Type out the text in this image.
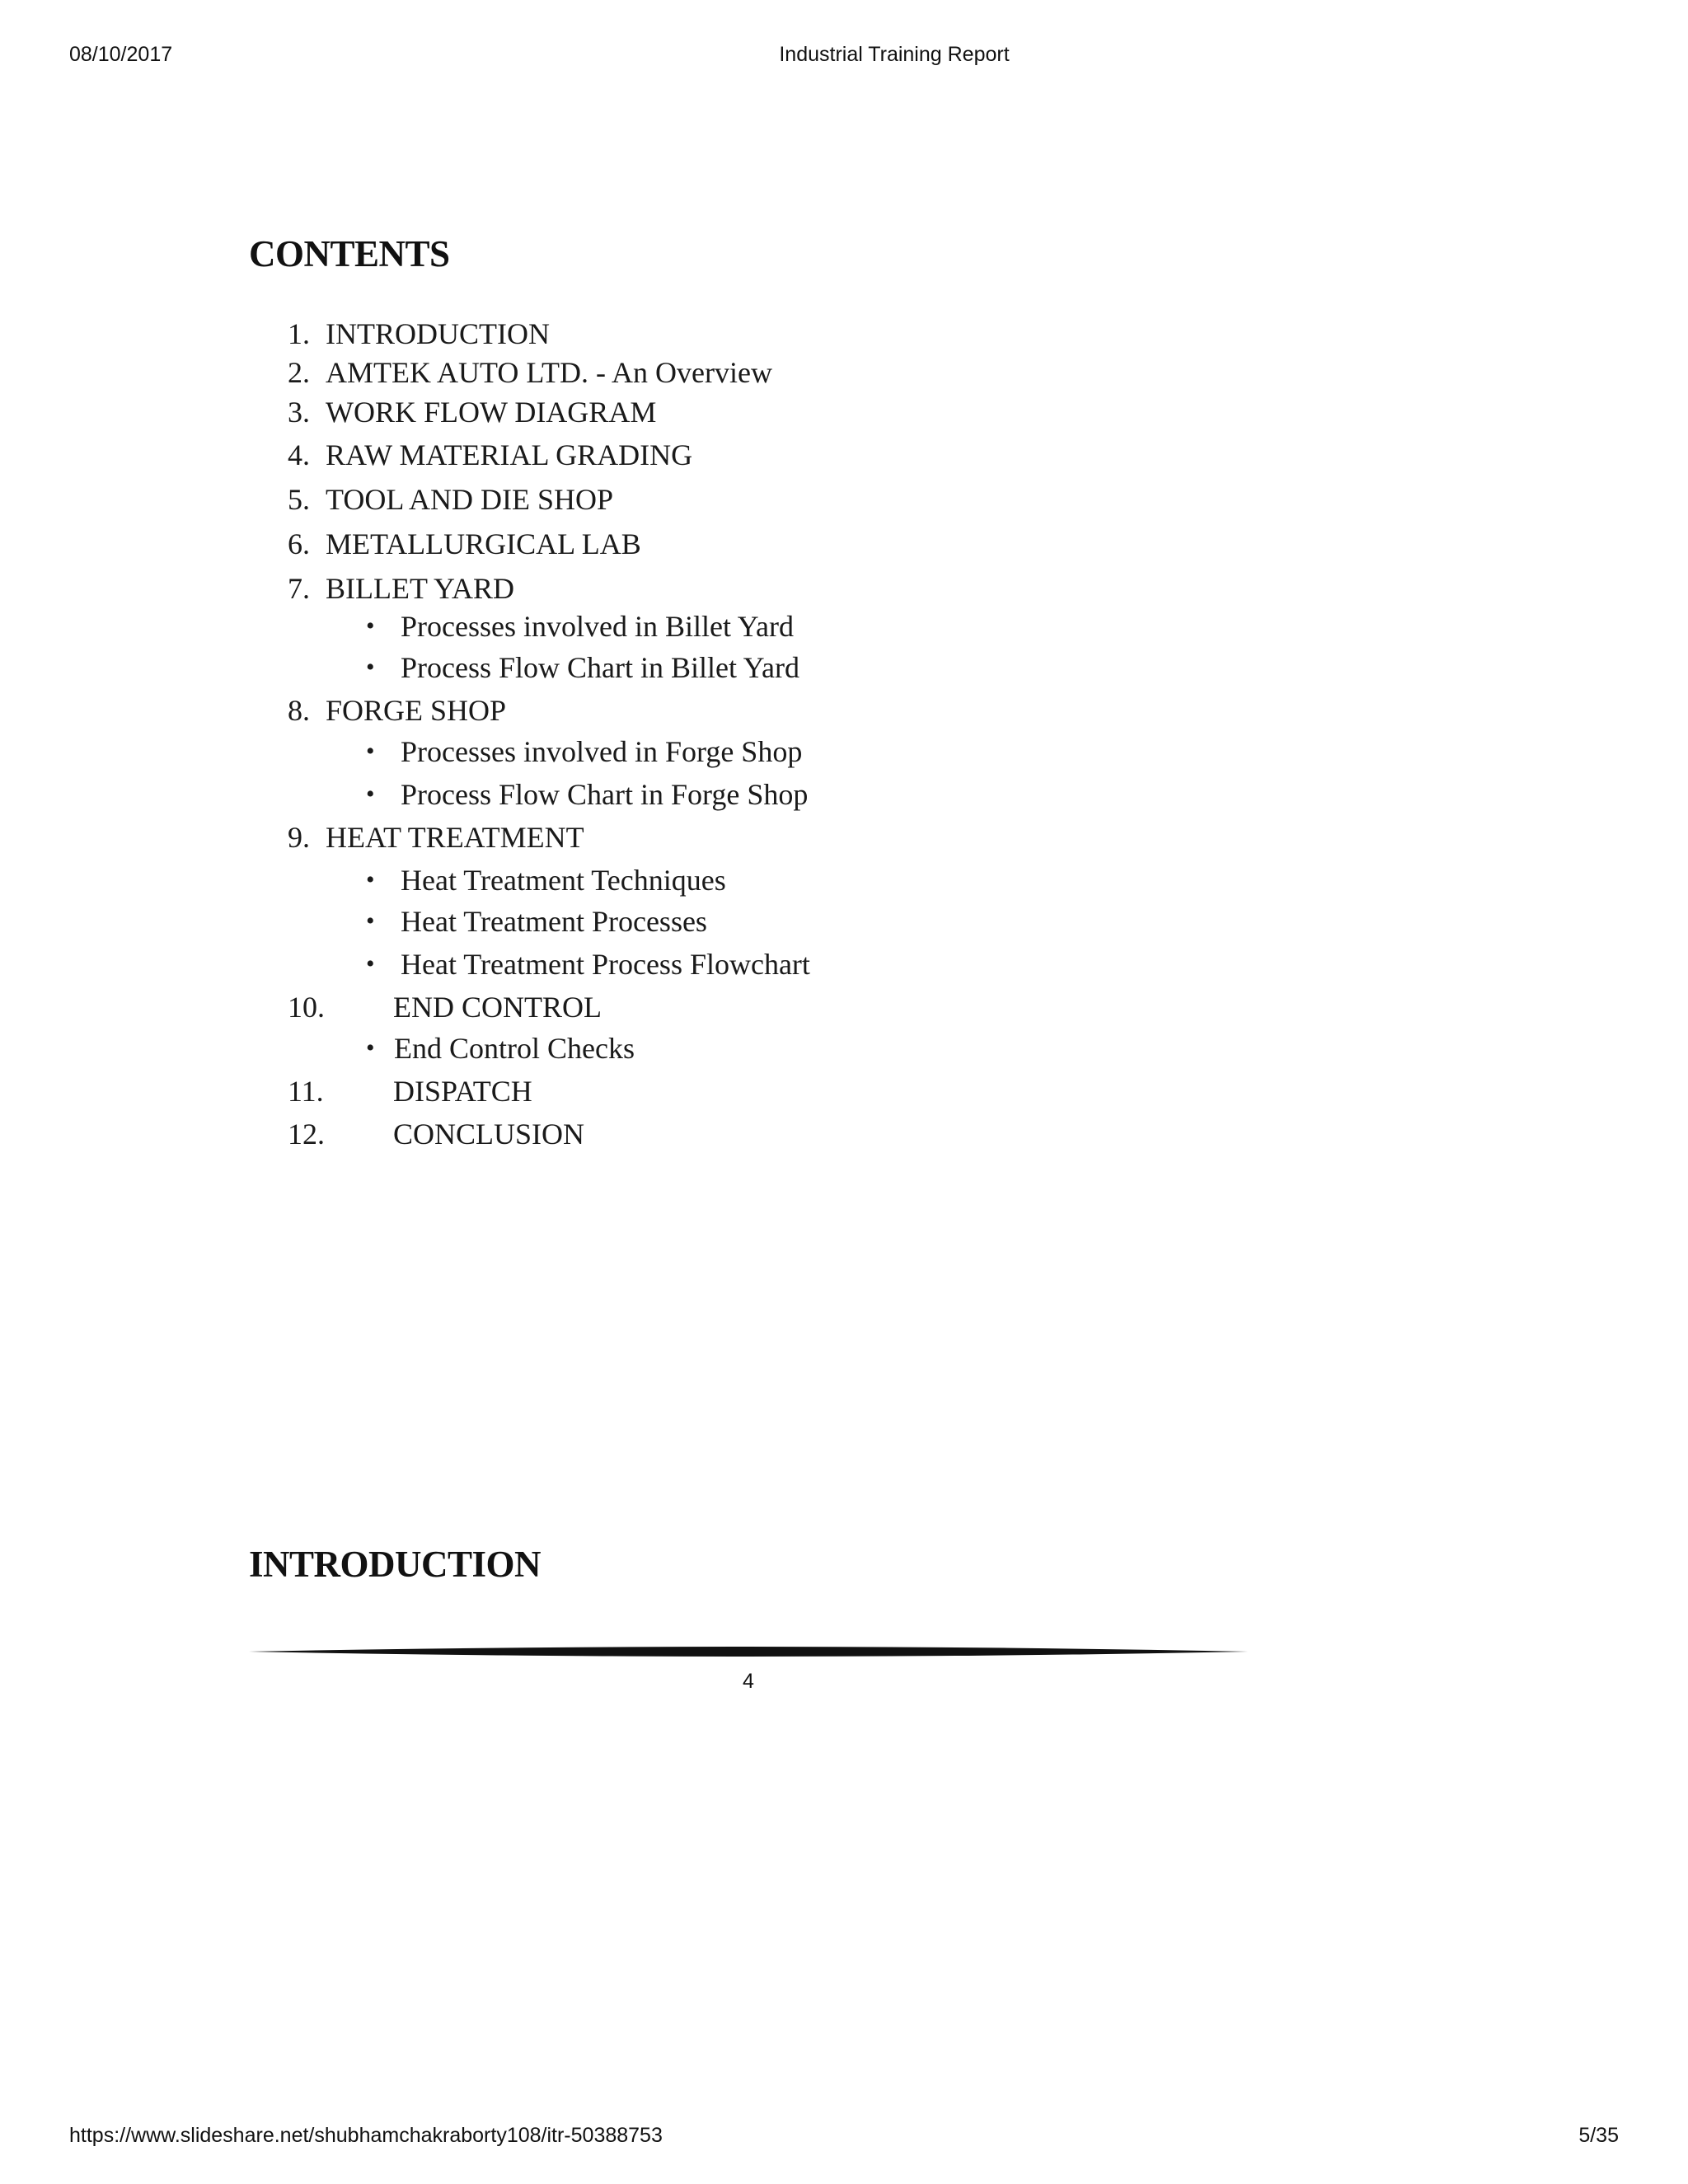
08/10/2017	Industrial Training Report
CONTENTS
1. INTRODUCTION
2. AMTEK AUTO LTD. - An Overview
3. WORK FLOW DIAGRAM
4. RAW MATERIAL GRADING
5. TOOL AND DIE SHOP
6. METALLURGICAL LAB
7. BILLET YARD
• Processes involved in Billet Yard
• Process Flow Chart in Billet Yard
8. FORGE SHOP
• Processes involved in Forge Shop
• Process Flow Chart in Forge Shop
9. HEAT TREATMENT
• Heat Treatment Techniques
• Heat Treatment Processes
• Heat Treatment Process Flowchart
10. END CONTROL
• End Control Checks
11. DISPATCH
12. CONCLUSION
INTRODUCTION
4
https://www.slideshare.net/shubhamchakraborty108/itr-50388753	5/35
